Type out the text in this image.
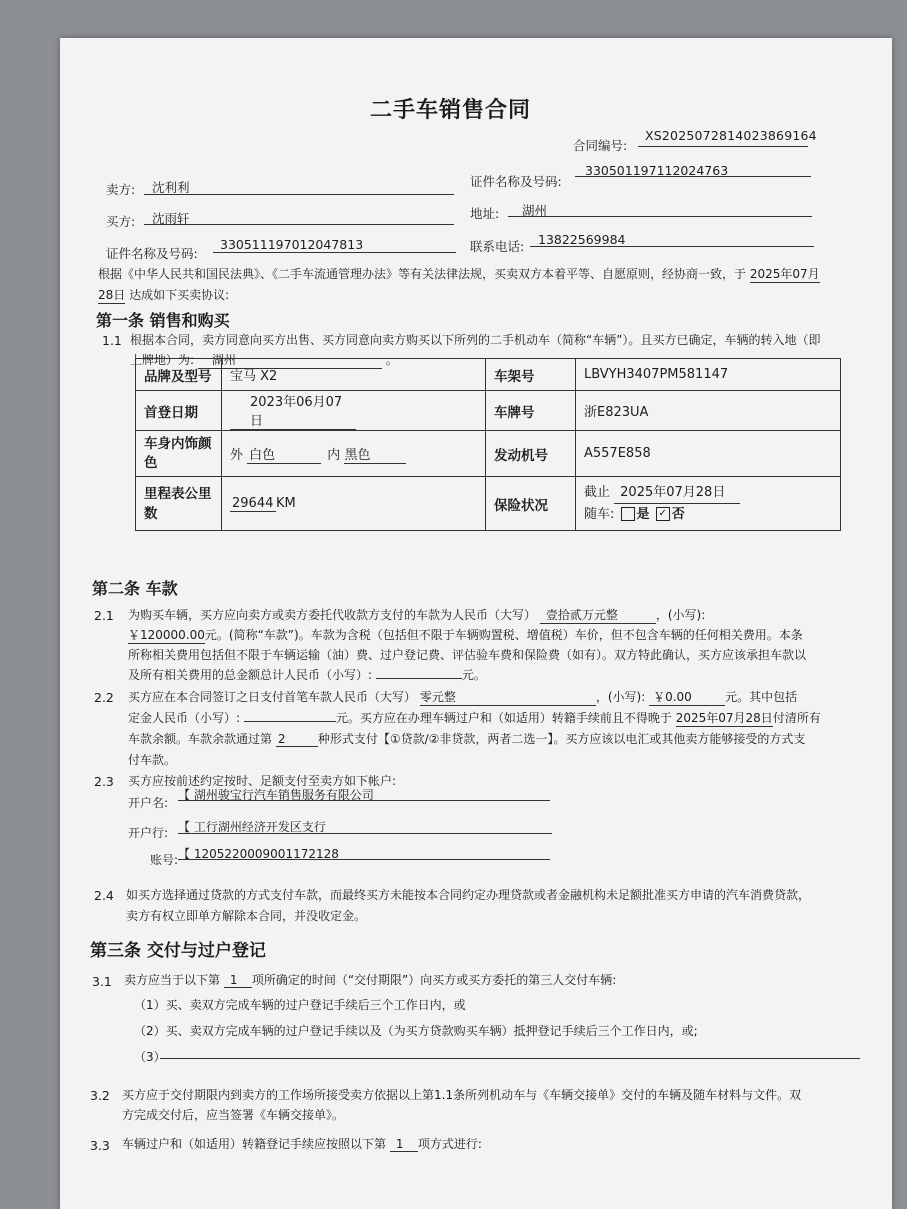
二手车销售合同
合同编号:
XS2025072814023869164
卖方: 沈利利	证件名称及号码:
330501197112024763
买方: 沈雨轩	地址: 湖州
证件名称及号码:
330511197012047813	联系电话: 13822569984
根据《中华人民共和国民法典》、《二手车流通管理办法》等有关法律法规，买卖双方本着平等、自愿原则，经协商一致，于 2025年07月
28日 达成如下买卖协议:
第一条 销售和购买
1.1 根据本合同，卖方同意向买方出售、买方同意向卖方购买以下所列的二手机动车（简称“车辆”）。且买方已确定，车辆的转入地（即
上牌地）为: 湖州	。
品牌及型号	宝马 X2	车架号	LBVYH3407PM581147
首登日期	2023年06月07日	车牌号	浙E823UA
车身内饰颜色	外 白色 内 黑色	发动机号	A557E858
里程表公里数	29644 KM	保险状况	截止 2025年07月28日
随车: 是 ✓ 否
第二条 车款
2.1 为购买车辆，买方应向卖方或卖方委托代收款方支付的车款为人民币（大写） 壹拾贰万元整	，(小写):
￥120000.00元。(简称“车款”)。车款为含税（包括但不限于车辆购置税、增值税）车价，但不包含车辆的任何相关费用。本条
所称相关费用包括但不限于车辆运输（油）费、过户登记费、评估验车费和保险费（如有）。双方特此确认，买方应该承担车款以
及所有相关费用的总金额总计人民币（小写）:	元。
2.2 买方应在本合同签订之日支付首笔车款人民币（大写） 零元整	，(小写): ￥0.00	元。其中包括
定金人民币（小写）:	元。买方应在办理车辆过户和（如适用）转籍手续前且不得晚于 2025年07月28日付清所有
车款余额。车款余款通过第 2	种形式支付【①贷款/②非贷款，两者二选一】。买方应该以电汇或其他卖方能够接受的方式支
付车款。
2.3 买方应按前述约定按时、足额支付至卖方如下帐户:
开户名:
【 湖州骏宝行汽车销售服务有限公司
开户行: 【 工行湖州经济开发区支行
账号: 【 1205220009001172128
2.4 如买方选择通过贷款的方式支付车款，而最终买方未能按本合同约定办理贷款或者金融机构未足额批准买方申请的汽车消费贷款，
卖方有权立即单方解除本合同，并没收定金。
第三条 交付与过户登记
3.1 卖方应当于以下第 1 项所确定的时间（“交付期限”）向买方或买方委托的第三人交付车辆:
（1）买、卖双方完成车辆的过户登记手续后三个工作日内，或
（2）买、卖双方完成车辆的过户登记手续以及（为买方贷款购买车辆）抵押登记手续后三个工作日内，或;
（3）
3.2 买方应于交付期限内到卖方的工作场所接受卖方依据以上第1.1条所列机动车与《车辆交接单》交付的车辆及随车材料与文件。双
方完成交付后，应当签署《车辆交接单》。
3.3 车辆过户和（如适用）转籍登记手续应按照以下第 1 项方式进行:
